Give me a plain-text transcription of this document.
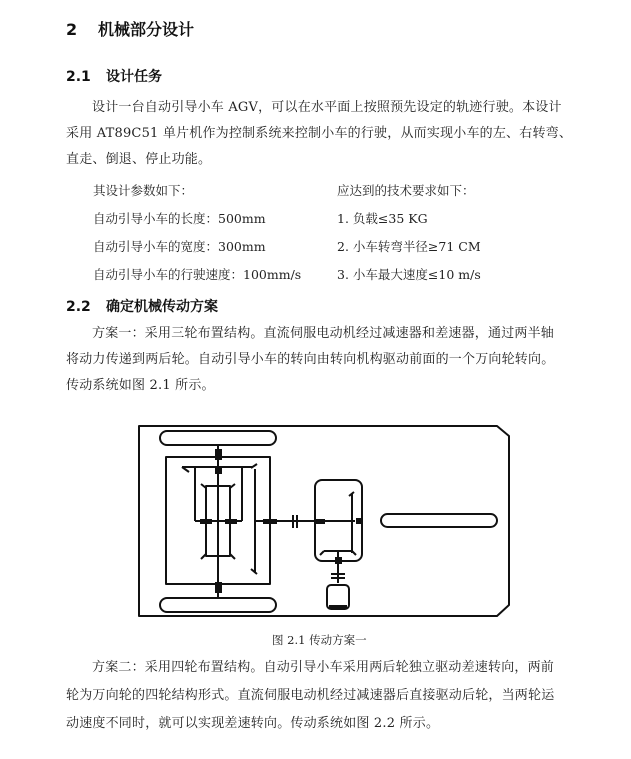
2 机械部分设计
2.1 设计任务
设计一台自动引导小车 AGV，可以在水平面上按照预先设定的轨迹行驶。本设计
采用 AT89C51 单片机作为控制系统来控制小车的行驶，从而实现小车的左、右转弯、
直走、倒退、停止功能。
其设计参数如下：
自动引导小车的长度：500mm
自动引导小车的宽度：300mm
自动引导小车的行驶速度：100mm/s
应达到的技术要求如下：
1. 负载≤35 KG
2. 小车转弯半径≥71 CM
3. 小车最大速度≤10 m/s
2.2 确定机械传动方案
方案一：采用三轮布置结构。直流伺服电动机经过减速器和差速器，通过两半轴
将动力传递到两后轮。自动引导小车的转向由转向机构驱动前面的一个万向轮转向。
传动系统如图 2.1 所示。
图 2.1 传动方案一
方案二：采用四轮布置结构。自动引导小车采用两后轮独立驱动差速转向，两前
轮为万向轮的四轮结构形式。直流伺服电动机经过减速器后直接驱动后轮，当两轮运
动速度不同时，就可以实现差速转向。传动系统如图 2.2 所示。
